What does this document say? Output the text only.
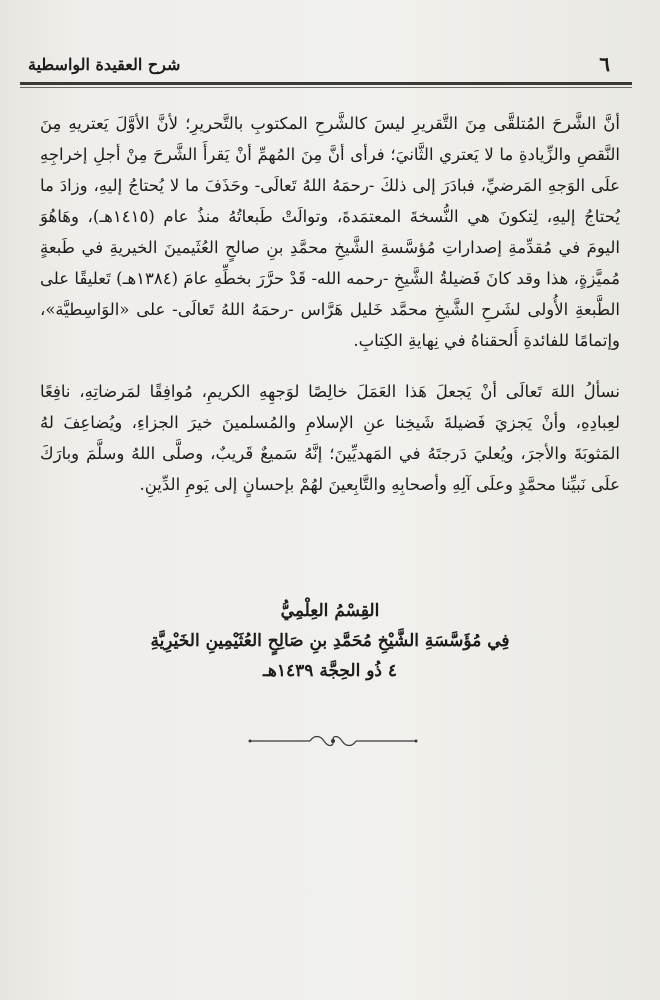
٦
شرح العقيدة الواسطية

أنَّ الشَّرحَ المُتلقَّى مِنَ التَّقريرِ ليسَ كالشَّرحِ المكتوبِ بالتَّحريرِ؛ لأنَّ الأوَّلَ يَعتريهِ مِنَ النَّقصِ والزِّيادةِ ما لا يَعتري الثَّانيَ؛ فرأى أنَّ مِنَ المُهمِّ أنْ يَقرأَ الشَّرحَ مِنْ أجلِ إخراجِهِ علَى الوَجهِ المَرضيِّ، فبادَرَ إلى ذلكَ -رحمَهُ اللهُ تَعالَى- وحَذَفَ ما لا يُحتاجُ إليهِ، وزادَ ما يُحتاجُ إليهِ، لِتكونَ هي النُّسخةَ المعتمَدةَ، وتوالَتْ طَبعاتُهُ منذُ عام (١٤١٥هـ)، وهَاهُوَ اليومَ في مُقدِّمةِ إصداراتِ مُؤسَّسةِ الشَّيخِ محمَّدِ بنِ صالحٍ العُثَيمينَ الخيريةِ في طَبعةٍ مُميَّزةٍ، هذا وقد كانَ فَضيلةُ الشَّيخِ -رحمه الله- قَدْ حرَّرَ بخطِّهِ عامَ (١٣٨٤هـ) تَعليقًا على الطَّبعةِ الأُولى لشَرحِ الشَّيخِ محمَّد خَليل هَرَّاس -رحمَهُ اللهُ تَعالَى- على «الوَاسِطيَّة»، وإتمامًا للفائدةِ أَلحقناهُ في نِهايةِ الكِتابِ.

نسألُ اللهَ تَعالَى أنْ يَجعلَ هَذا العَمَلَ خالِصًا لوَجهِهِ الكريمِ، مُوافِقًا لمَرضاتِهِ، نافِعًا لعِبادِهِ، وأنْ يَجزيَ فَضيلةَ شَيخِنا عنِ الإسلامِ والمُسلمينَ خيرَ الجزاءِ، ويُضاعِفَ لهُ المَثوبَةَ والأجرَ، ويُعليَ دَرجتَهُ في المَهديِّينَ؛ إنَّهُ سَميعٌ قَريبٌ، وصلَّى اللهُ وسلَّمَ وبارَكَ علَى نَبيِّنا محمَّدٍ وعلَى آلِهِ وأصحابِهِ والتَّابِعينَ لهُمْ بإحسانٍ إلى يَومِ الدِّينِ.

القِسْمُ العِلْمِيُّ
فِي مُؤَسَّسَةِ الشَّيْخِ مُحَمَّدِ بنِ صَالِحٍ العُثَيْمِينِ الخَيْرِيَّةِ
٤ ذُو الحِجَّة ١٤٣٩هـ
